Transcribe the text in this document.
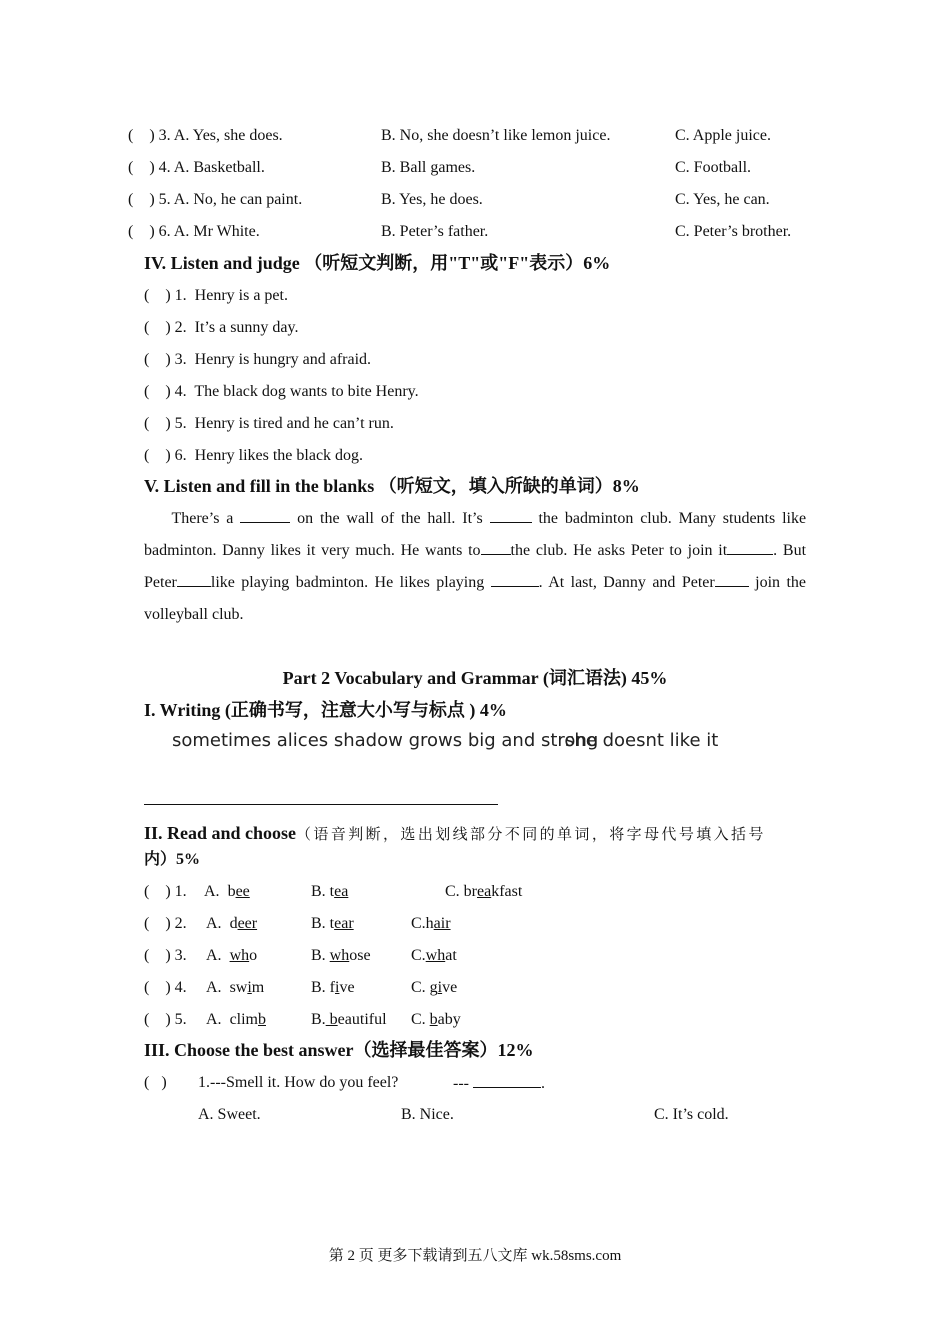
(    ) 3. A. Yes, she does.	B. No, she doesn’t like lemon juice.	C. Apple juice.
(    ) 4. A. Basketball.	B. Ball games.	C. Football.
(    ) 5. A. No, he can paint.	B. Yes, he does.	C. Yes, he can.
(    ) 6. A. Mr White.	B. Peter’s father.	C. Peter’s brother.
IV. Listen and judge （听短文判断，用"T"或"F"表示）6%
(    ) 1. Henry is a pet.
(    ) 2. It’s a sunny day.
(    ) 3. Henry is hungry and afraid.
(    ) 4. The black dog wants to bite Henry.
(    ) 5. Henry is tired and he can’t run.
(    ) 6. Henry likes the black dog.
V. Listen and fill in the blanks （听短文，填入所缺的单词）8%
There’s a	on the wall of the hall. It’s	the badminton club. Many students like badminton. Danny likes it very much. He wants to the club. He asks Peter to join it	. But Peter like playing badminton. He likes playing	. At last, Danny and Peter	join the volleyball club.
Part 2 Vocabulary and Grammar (词汇语法) 45%
I. Writing (正确书写，注意大小写与标点 ) 4%
sometimes alices shadow grows big and strong
she doesnt like it
II. Read and choose（语音判断，选出划线部分不同的单词，将字母代号填入括号
内）5%
(    ) 1. A. bee	B. tea	C. breakfast
(    ) 2. A. deer	B. tear	C.hair
(    ) 3. A. who	B. whose	C.what
(    ) 4. A. swim	B. five	C. give
(    ) 5. A. climb	B. beautiful C. baby
III. Choose the best answer（选择最佳答案）12%
(   ) 1.---Smell it. How do you feel?	---	.
A. Sweet.	B. Nice.	C. It’s cold.
第 2 页 更多下载请到五八文库 wk.58sms.com
